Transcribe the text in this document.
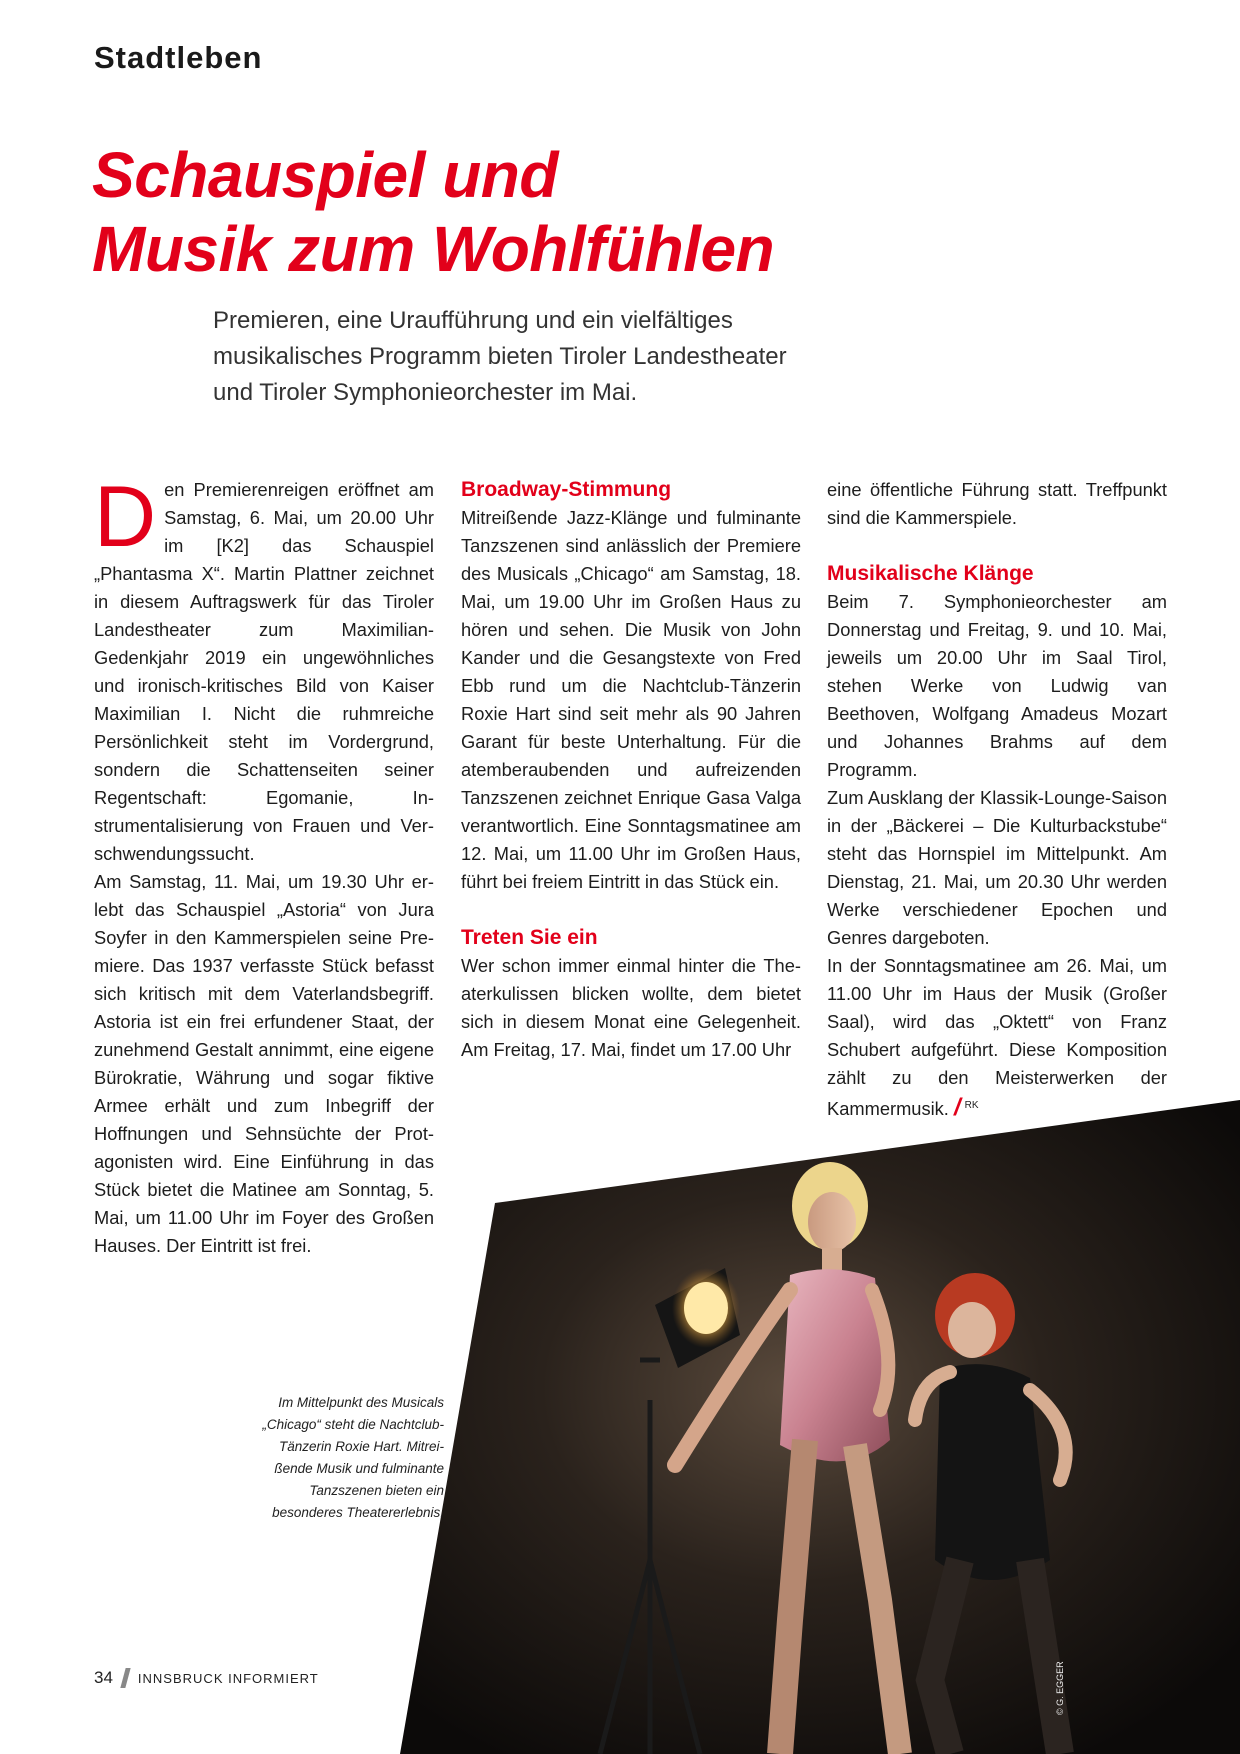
Stadtleben
Schauspiel und
Musik zum Wohlfühlen
Premieren, eine Uraufführung und ein vielfältiges
musikalisches Programm bieten Tiroler Landestheater
und Tiroler Symphonieorchester im Mai.

Den Premierenreigen eröffnet am Samstag, 6. Mai, um 20.00 Uhr im [K2] das Schauspiel „Phantasma X“. Martin Plattner zeichnet in diesem Auftragswerk für das Tiroler Landestheater zum Maximilian-Gedenkjahr 2019 ein ungewöhnliches und ironisch-kritisches Bild von Kaiser Maximilian I. Nicht die ruhmreiche Persönlichkeit steht im Vordergrund, sondern die Schattenseiten seiner Regentschaft: Egomanie, Instrumentalisierung von Frauen und Verschwendungssucht.

Am Samstag, 11. Mai, um 19.30 Uhr erlebt das Schauspiel „Astoria“ von Jura Soyfer in den Kammerspielen seine Premiere. Das 1937 verfasste Stück befasst sich kritisch mit dem Vaterlandsbegriff. Astoria ist ein frei erfundener Staat, der zunehmend Gestalt annimmt, eine eigene Bürokratie, Währung und sogar fiktive Armee erhält und zum Inbegriff der Hoffnungen und Sehnsüchte der Protagonisten wird. Eine Einführung in das Stück bietet die Matinee am Sonntag, 5. Mai, um 11.00 Uhr im Foyer des Großen Hauses. Der Eintritt ist frei.

Broadway-Stimmung

Mitreißende Jazz-Klänge und fulminante Tanzszenen sind anlässlich der Premiere des Musicals „Chicago“ am Samstag, 18. Mai, um 19.00 Uhr im Großen Haus zu hören und sehen. Die Musik von John Kander und die Gesangstexte von Fred Ebb rund um die Nachtclub-Tänzerin Roxie Hart sind seit mehr als 90 Jahren Garant für beste Unterhaltung. Für die atemberaubenden und aufreizenden Tanzszenen zeichnet Enrique Gasa Valga verantwortlich. Eine Sonntagsmatinee am 12. Mai, um 11.00 Uhr im Großen Haus, führt bei freiem Eintritt in das Stück ein.

Treten Sie ein

Wer schon immer einmal hinter die Theaterkulissen blicken wollte, dem bietet sich in diesem Monat eine Gelegenheit. Am Freitag, 17. Mai, findet um 17.00 Uhr

eine öffentliche Führung statt. Treffpunkt sind die Kammerspiele.

Musikalische Klänge

Beim 7. Symphonieorchester am Donnerstag und Freitag, 9. und 10. Mai, jeweils um 20.00 Uhr im Saal Tirol, stehen Werke von Ludwig van Beethoven, Wolfgang Amadeus Mozart und Johannes Brahms auf dem Programm.

Zum Ausklang der Klassik-Lounge-Saison in der „Bäckerei – Die Kulturbackstube“ steht das Hornspiel im Mittelpunkt. Am Dienstag, 21. Mai, um 20.30 Uhr werden Werke verschiedener Epochen und Genres dargeboten.

In der Sonntagsmatinee am 26. Mai, um 11.00 Uhr im Haus der Musik (Großer Saal), wird das „Oktett“ von Franz Schubert aufgeführt. Diese Komposition zählt zu den Meisterwerken der Kammermusik. / $^{RK}$

Im Mittelpunkt des Musicals
„Chicago“ steht die Nachtclub-
Tänzerin Roxie Hart. Mitrei-
ßende Musik und fulminante
Tanzszenen bieten ein
besonderes Theatererlebnis.
34 INNSBRUCK INFORMIERT	© G. EGGER
